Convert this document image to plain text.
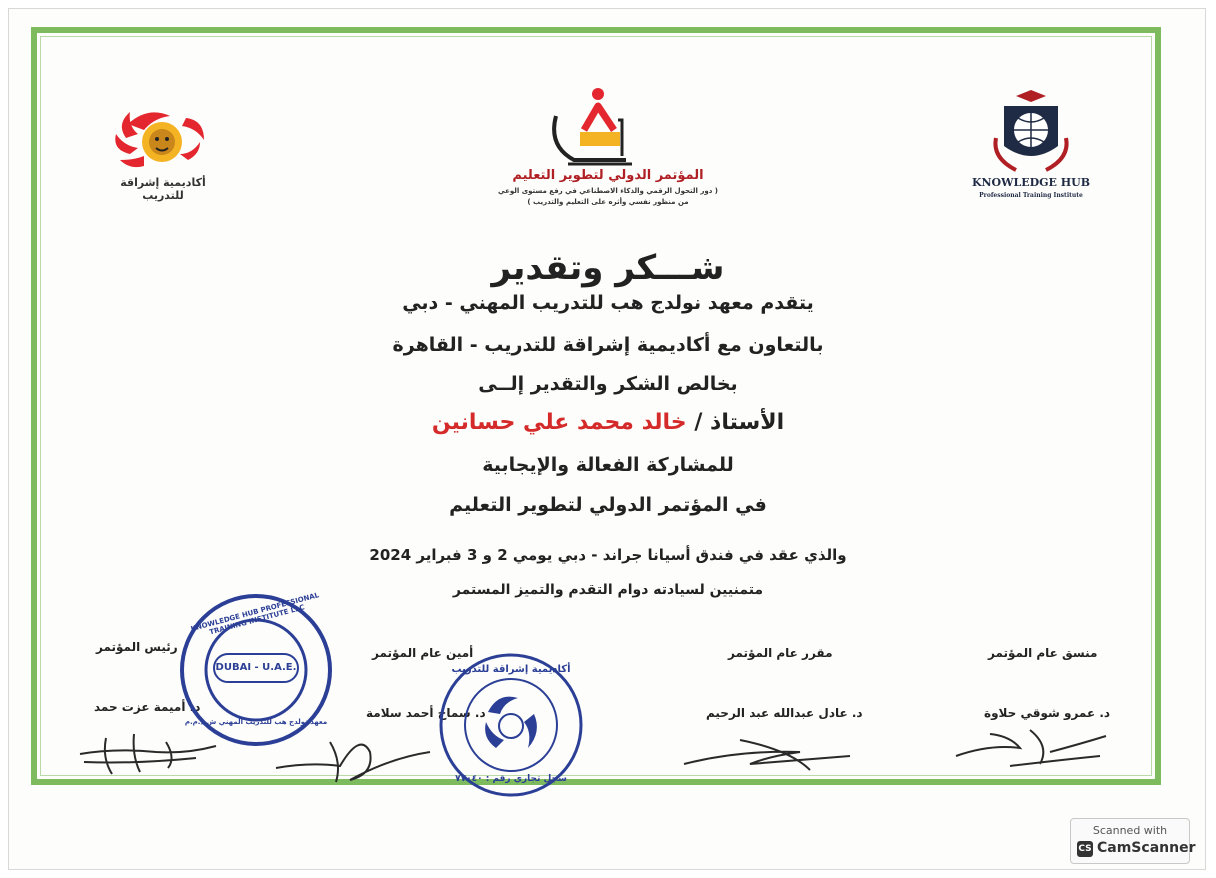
أكاديمية إشراقة للتدريب
المؤتمر الدولي لتطوير التعليم
( دور التحول الرقمي والذكاء الاصطناعي في رفع مستوى الوعي
من منظور نفسي وأثره على التعليم والتدريب )
KNOWLEDGE HUB
Professional Training Institute
شـــكر وتقدير
يتقدم معهد نولدج هب للتدريب المهني - دبي
بالتعاون مع أكاديمية إشراقة للتدريب - القاهرة
بخالص الشكر والتقدير إلــى
الأستاذ / خالد محمد علي حسانين
للمشاركة الفعالة والإيجابية
في المؤتمر الدولي لتطوير التعليم
والذي عقد في فندق أسيانا جراند - دبي يومي 2 و 3 فبراير 2024
متمنيين لسيادته دوام التقدم والتميز المستمر
رئيس المؤتمر	أمين عام المؤتمر	مقرر عام المؤتمر	منسق عام المؤتمر
د. أميمة عزت حمد	د. سماح أحمد سلامة	د. عادل عبدالله عبد الرحيم	د. عمرو شوقي حلاوة
KNOWLEDGE HUB PROFESSIONAL TRAINING INSTITUTE LLC
DUBAI - U.A.E.
معهد نولدج هب للتدريب المهني ش.ذ.م.م
أكاديمية إشراقة للتدريب
سجل تجاري رقم : ٧٧٠٤٠
Scanned with
CS CamScanner
